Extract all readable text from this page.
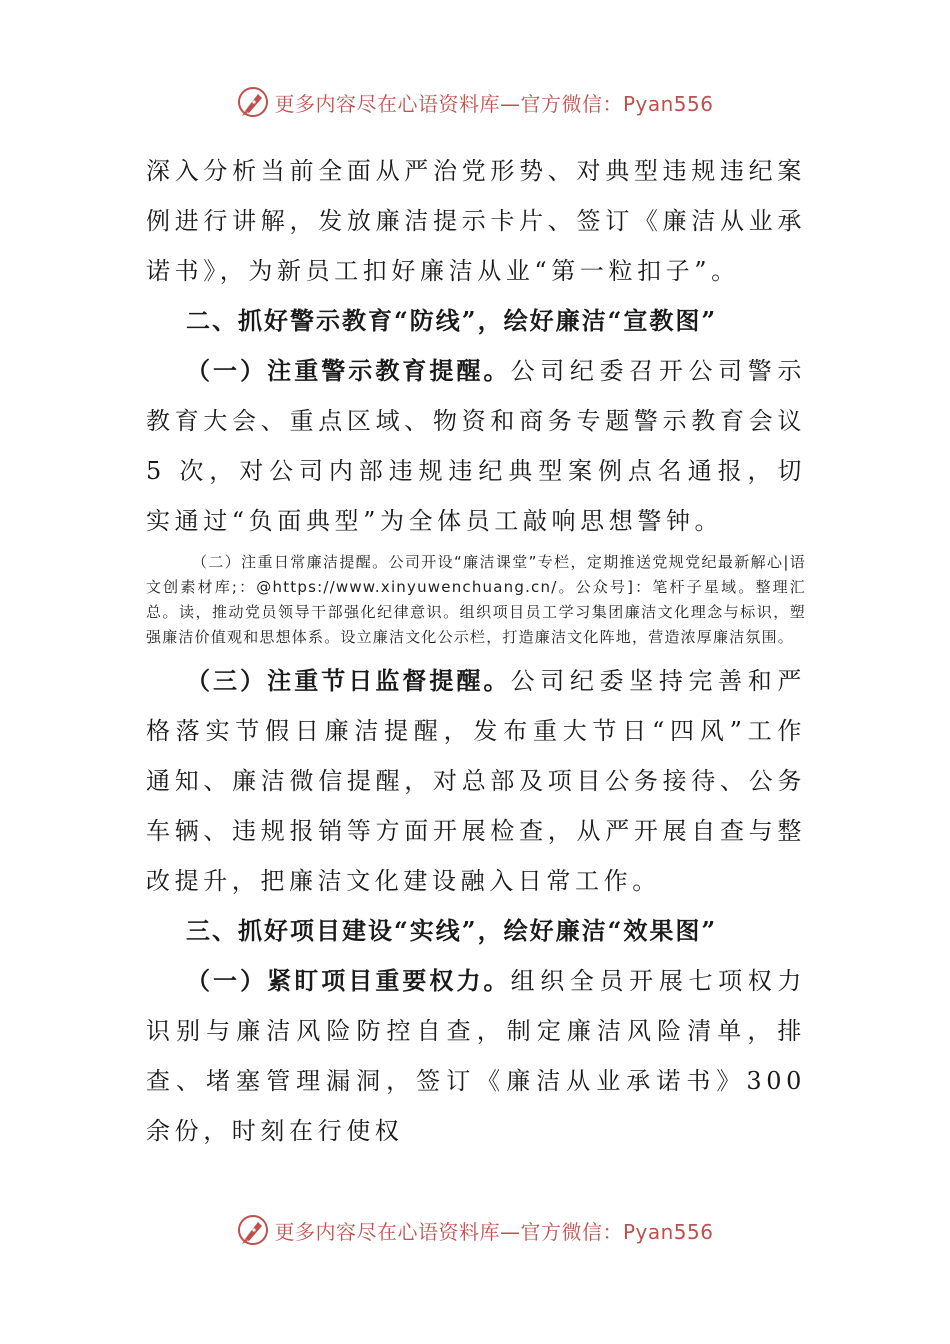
更多内容尽在心语资料库—官方微信：Pyan556

深入分析当前全面从严治党形势、对典型违规违纪案例进行讲解，发放廉洁提示卡片、签订《廉洁从业承诺书》，为新员工扣好廉洁从业“第一粒扣子”。

二、抓好警示教育“防线”，绘好廉洁“宣教图”

（一）注重警示教育提醒。公司纪委召开公司警示教育大会、重点区域、物资和商务专题警示教育会议 5 次，对公司内部违规违纪典型案例点名通报，切实通过“负面典型”为全体员工敲响思想警钟。

（二）注重日常廉洁提醒。公司开设“廉洁课堂”专栏，定期推送党规党纪最新解心|语文创素材库;：@https://www.xinyuwenchuang.cn/。公众号]：笔杆子星域。整理汇总。读，推动党员领导干部强化纪律意识。组织项目员工学习集团廉洁文化理念与标识，塑强廉洁价值观和思想体系。设立廉洁文化公示栏，打造廉洁文化阵地，营造浓厚廉洁氛围。

（三）注重节日监督提醒。公司纪委坚持完善和严格落实节假日廉洁提醒，发布重大节日“四风”工作通知、廉洁微信提醒，对总部及项目公务接待、公务车辆、违规报销等方面开展检查，从严开展自查与整改提升，把廉洁文化建设融入日常工作。

三、抓好项目建设“实线”，绘好廉洁“效果图”

（一）紧盯项目重要权力。组织全员开展七项权力识别与廉洁风险防控自查，制定廉洁风险清单，排查、堵塞管理漏洞，签订《廉洁从业承诺书》300 余份，时刻在行使权

更多内容尽在心语资料库—官方微信：Pyan556
